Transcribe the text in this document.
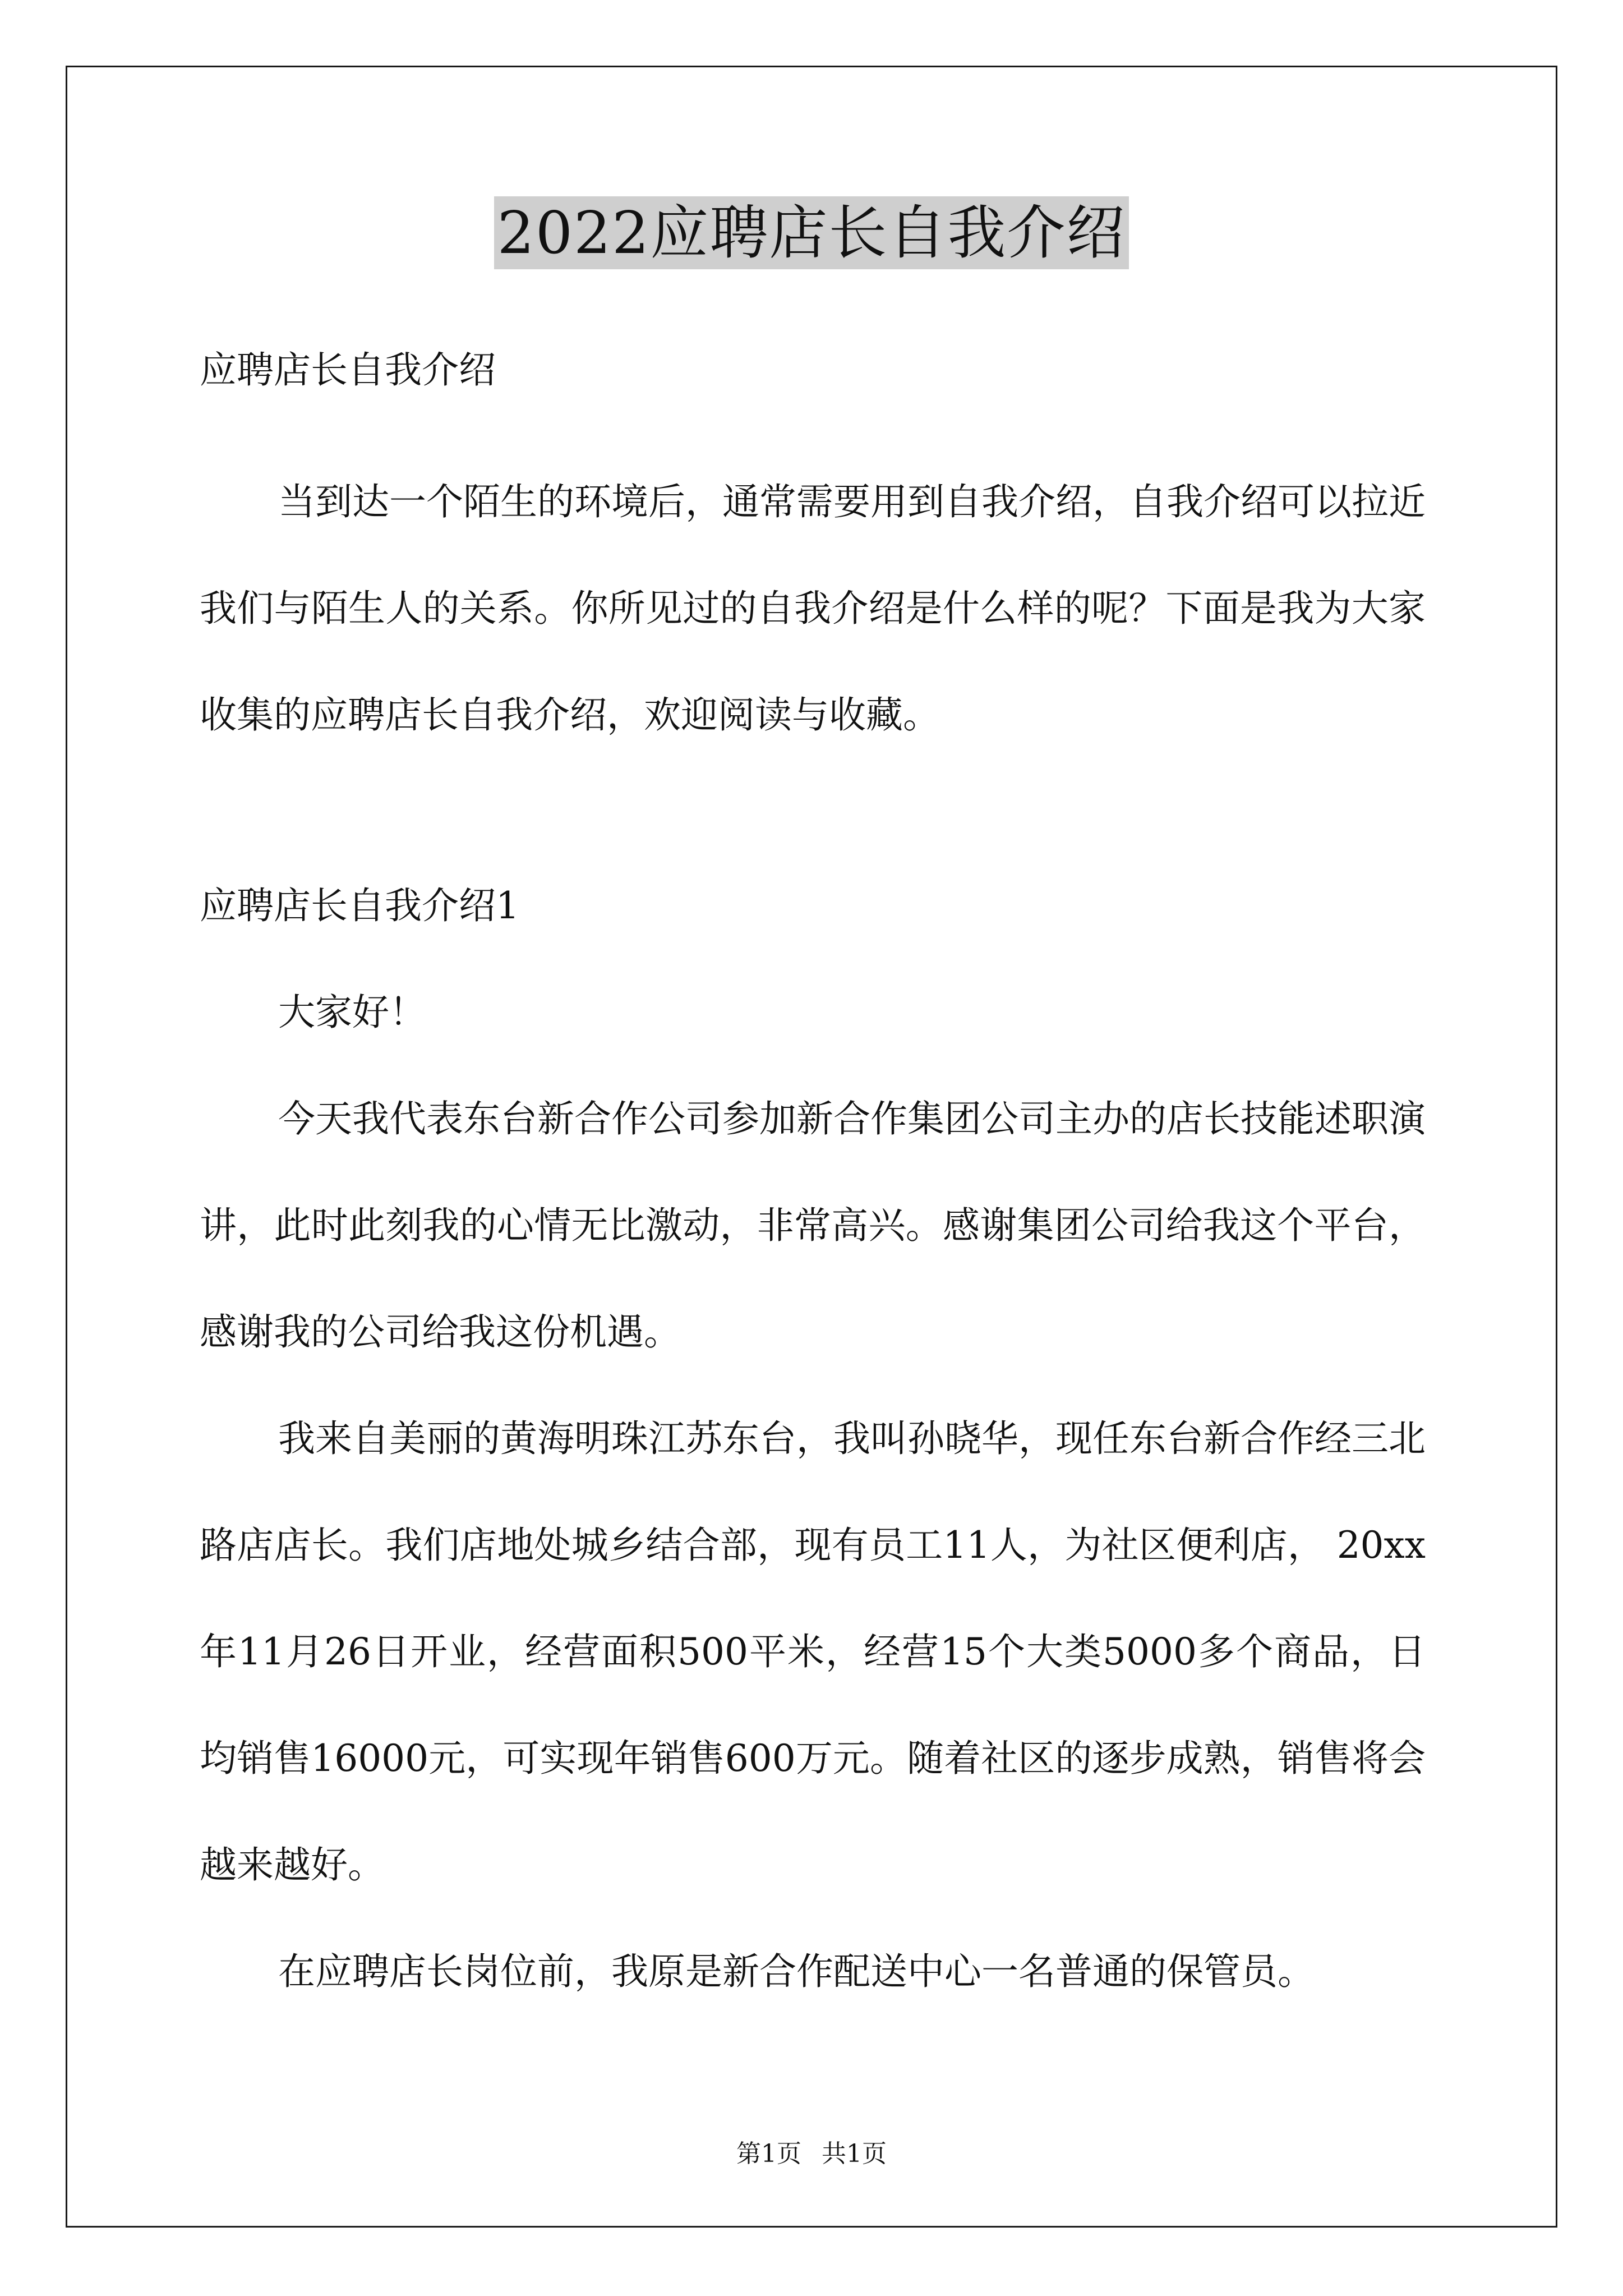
2022应聘店长自我介绍

应聘店长自我介绍

当到达一个陌生的环境后，通常需要用到自我介绍，自我介绍可以拉近我们与陌生人的关系。你所见过的自我介绍是什么样的呢？下面是我为大家收集的应聘店长自我介绍，欢迎阅读与收藏。

应聘店长自我介绍1

大家好！

今天我代表东台新合作公司参加新合作集团公司主办的店长技能述职演讲，此时此刻我的心情无比激动，非常高兴。感谢集团公司给我这个平台，感谢我的公司给我这份机遇。

我来自美丽的黄海明珠江苏东台，我叫孙晓华，现任东台新合作经三北路店店长。我们店地处城乡结合部，现有员工11人，为社区便利店， 20xx年11月26日开业，经营面积500平米，经营15个大类5000多个商品，日均销售16000元，可实现年销售600万元。随着社区的逐步成熟，销售将会越来越好。

在应聘店长岗位前，我原是新合作配送中心一名普通的保管员。

第1页 共1页
